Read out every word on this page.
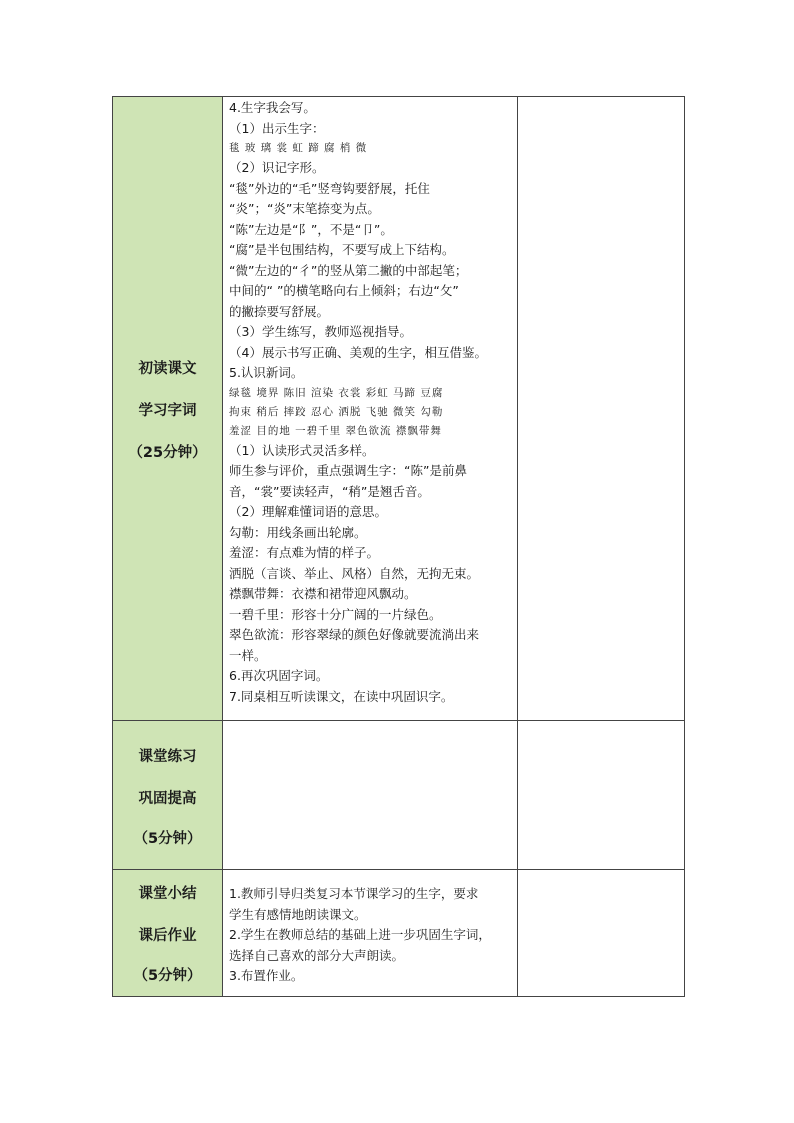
初读课文
学习字词
（25分钟）
4.生字我会写。
（1）出示生字：
毯 玻 璃 裳 虹 蹄 腐 梢 微
（2）识记字形。
“毯”外边的“毛”竖弯钩要舒展，托住
“炎”；“炎”末笔捺变为点。
“陈”左边是“阝”，不是“卩”。
“腐”是半包围结构，不要写成上下结构。
“微”左边的“彳”的竖从第二撇的中部起笔；
中间的“ ”的横笔略向右上倾斜；右边“攵”
的撇捺要写舒展。
（3）学生练写，教师巡视指导。
（4）展示书写正确、美观的生字，相互借鉴。
5.认识新词。
绿毯 境界 陈旧 渲染 衣裳 彩虹 马蹄 豆腐
拘束 稍后 摔跤 忍心 洒脱 飞驰 微笑 勾勒
羞涩 目的地 一碧千里 翠色欲流 襟飘带舞
（1）认读形式灵活多样。
师生参与评价，重点强调生字：“陈”是前鼻
音，“裳”要读轻声，“稍”是翘舌音。
（2）理解难懂词语的意思。
勾勒：用线条画出轮廓。
羞涩：有点难为情的样子。
洒脱（言谈、举止、风格）自然，无拘无束。
襟飘带舞：衣襟和裙带迎风飘动。
一碧千里：形容十分广阔的一片绿色。
翠色欲流：形容翠绿的颜色好像就要流淌出来
一样。
6.再次巩固字词。
7.同桌相互听读课文，在读中巩固识字。
课堂练习
巩固提高
（5分钟）
课堂小结
课后作业
（5分钟）
1.教师引导归类复习本节课学习的生字，要求
学生有感情地朗读课文。
2.学生在教师总结的基础上进一步巩固生字词，
选择自己喜欢的部分大声朗读。
3.布置作业。
